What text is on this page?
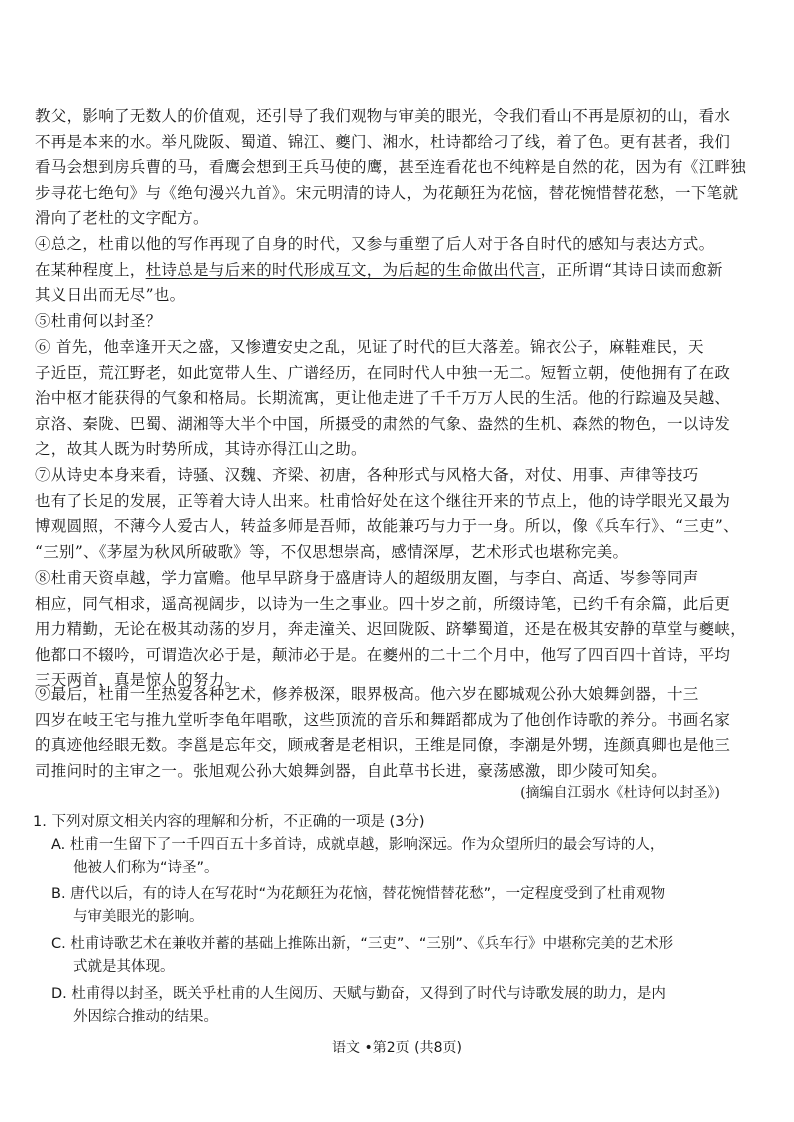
教父，影响了无数人的价值观，还引导了我们观物与审美的眼光，令我们看山不再是原初的山，看水
不再是本来的水。举凡陇阪、蜀道、锦江、夔门、湘水，杜诗都给刁了线，着了色。更有甚者，我们
看马会想到房兵曹的马，看鹰会想到王兵马使的鹰，甚至连看花也不纯粹是自然的花，因为有《江畔独
步寻花七绝句》与《绝句漫兴九首》。宋元明清的诗人，为花颠狂为花恼，替花惋惜替花愁，一下笔就
滑向了老杜的文字配方。
④总之，杜甫以他的写作再现了自身的时代，又参与重塑了后人对于各自时代的感知与表达方式。
在某种程度上，杜诗总是与后来的时代形成互文，为后起的生命做出代言，正所谓“其诗日读而愈新
其义日出而无尽”也。
⑤杜甫何以封圣？
⑥ 首先，他幸逢开天之盛，又惨遭安史之乱，见证了时代的巨大落差。锦衣公子，麻鞋难民，天
子近臣，荒江野老，如此宽带人生、广谱经历，在同时代人中独一无二。短暂立朝，使他拥有了在政
治中枢才能获得的气象和格局。长期流寓，更让他走进了千千万万人民的生活。他的行踪遍及吴越、
京洛、秦陇、巴蜀、湖湘等大半个中国，所摄受的肃然的气象、盎然的生机、森然的物色，一以诗发
之，故其人既为时势所成，其诗亦得江山之助。
⑦从诗史本身来看，诗骚、汉魏、齐梁、初唐，各种形式与风格大备，对仗、用事、声律等技巧
也有了长足的发展，正等着大诗人出来。杜甫恰好处在这个继往开来的节点上，他的诗学眼光又最为
博观圆照，不薄今人爱古人，转益多师是吾师，故能兼巧与力于一身。所以，像《兵车行》、“三吏”、
“三别”、《茅屋为秋风所破歌》等，不仅思想崇高，感情深厚，艺术形式也堪称完美。
⑧杜甫天资卓越，学力富赡。他早早跻身于盛唐诗人的超级朋友圈，与李白、高适、岑参等同声
相应，同气相求，遥高视阔步，以诗为一生之事业。四十岁之前，所缀诗笔，已约千有余篇，此后更
用力精勤，无论在极其动荡的岁月，奔走潼关、迟回陇阪、跻攀蜀道，还是在极其安静的草堂与夔峡，
他都口不辍吟，可谓造次必于是，颠沛必于是。在夔州的二十二个月中，他写了四百四十首诗，平均
三天两首，真是惊人的努力。
⑨最后，杜甫一生热爱各种艺术，修养极深，眼界极高。他六岁在郾城观公孙大娘舞剑器，十三
四岁在岐王宅与推九堂听李龟年唱歌，这些顶流的音乐和舞蹈都成为了他创作诗歌的养分。书画名家
的真迹他经眼无数。李邕是忘年交，顾戒奢是老相识，王维是同僚，李潮是外甥，连颜真卿也是他三
司推问时的主审之一。张旭观公孙大娘舞剑器，自此草书长进，豪荡感激，即少陵可知矣。
(摘编自江弱水《杜诗何以封圣》)
1. 下列对原文相关内容的理解和分析，不正确的一项是 (3分)
A. 杜甫一生留下了一千四百五十多首诗，成就卓越，影响深远。作为众望所归的最会写诗的人，
他被人们称为“诗圣”。
B. 唐代以后，有的诗人在写花时“为花颠狂为花恼，替花惋惜替花愁”，一定程度受到了杜甫观物
与审美眼光的影响。
C. 杜甫诗歌艺术在兼收并蓄的基础上推陈出新，“三吏”、“三别”、《兵车行》中堪称完美的艺术形
式就是其体现。
D. 杜甫得以封圣，既关乎杜甫的人生阅历、天赋与勤奋，又得到了时代与诗歌发展的助力，是内
外因综合推动的结果。
语文 •第2页 (共8页)
